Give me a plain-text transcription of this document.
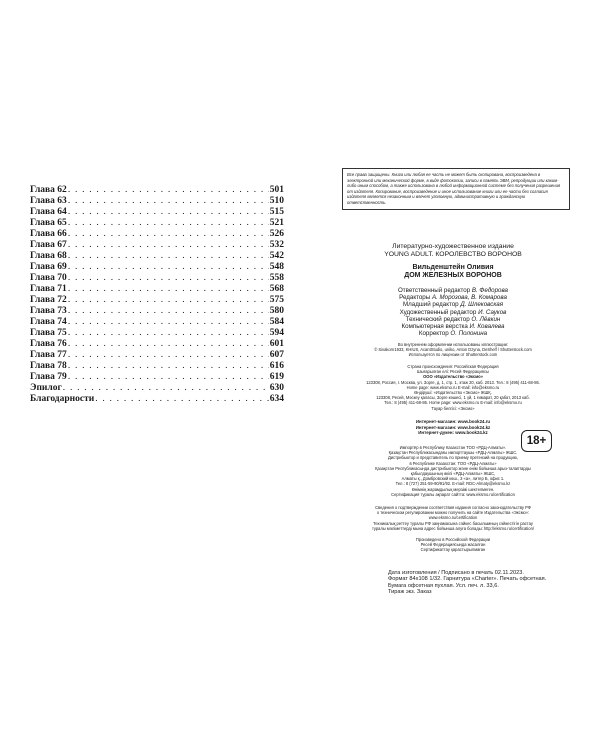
Глава 62 . . .	501
Глава 63 . . .	510
Глава 64 . . .	515
Глава 65 . . .	521
Глава 66 . . .	526
Глава 67 . . .	532
Глава 68 . . .	542
Глава 69 . . .	548
Глава 70 . . .	558
Глава 71 . . .	568
Глава 72 . . .	575
Глава 73 . . .	580
Глава 74 . . .	584
Глава 75 . . .	594
Глава 76 . . .	601
Глава 77 . . .	607
Глава 78 . . .	616
Глава 79 . . .	619
Эпилог . . .	630
Благодарности . . .	634
Все права защищены. Книга или любая ее часть не может быть скопирована, воспроизведена в электронной или механической форме, в виде фотокопии, записи в память ЭВМ, репродукции или каким-либо иным способом, а также использована в любой информационной системе без получения разрешения от издателя. Копирование, воспроизведение и иное использование книги или ее части без согласия издателя является незаконным и влечет уголовную, административную и гражданскую ответственность.
Литературно-художественное издание
YOUNG ADULT. КОРОЛЕВСТВО ВОРОНОВ
Вильденштейн Оливия
ДОМ ЖЕЛЕЗНЫХ ВОРОНОВ
Ответственный редактор В. Федорова
Редакторы А. Морозова, В. Комарова
Младший редактор Д. Шлековская
Художественный редактор И. Сауков
Технический редактор О. Лёвкин
Компьютерная верстка И. Ковалева
Корректор О. Полонина
Во внутреннем оформлении использованы иллюстрации:
© Sivakorn1933, KHIUS, AcantStudio, uniko, Anton Dzyna, DeShelf / Shutterstock.com
Используется по лицензии от Shutterstock.com
Страна происхождения: Российская Федерация
Шығарылған елі: Ресей Федерациясы
ООО «Издательство «Эксмо»
123308, Россия, г. Москва, ул. Зорге, д. 1, стр. 1, этаж 20, каб. 2013. Тел.: 8 (495) 411-68-86.
Home page: www.eksmo.ru E-mail: info@eksmo.ru
Өндіруші: «Издательство «Эксмо» ЖШҚ.
123308, Ресей, Мәскеу қаласы, Зорге көшесі, 1 үй, 1 ғимарат, 20 қабат, 2013 каб.
Тел.: 8 (495) 411-68-86. Home page: www.eksmo.ru E-mail: info@eksmo.ru
Тауар белгісі: «Эксмо»
Интернет-магазин: www.book24.ru
Интернет-магазин: www.book24.kz
Интернет-дүкен: www.book24.kz
18+
Импортёр в Республику Казахстан ТОО «РДЦ-Алматы».
Қазақстан Республикасындағы импорттаушы «РДЦ-Алматы» ЖШС.
Дистрибьютор и представитель по приему претензий на продукцию,
в Республике Казахстан: ТОО «РДЦ-Алматы»
Қазақстан Республикасында дистрибьютор және өнім бойынша арыз-талаптарды
қабылдаушының өкілі «РДЦ-Алматы» ЖШС,
Алматы қ., Домбровский көш., 3 «а», литер Б, офис 1.
Тел.: 8 (727) 251-59-90/91/92. E-mail: RDC-Almaty@eksmo.kz
Өнімнің жарамдылық мерзімі шектелмеген.
Сертификация туралы ақпарат сайтта: www.eksmo.ru/certification
Сведения о подтверждении соответствия издания согласно законодательству РФ
о техническом регулировании можно получить на сайте Издательства «Эксмо»:
www.eksmo.ru/certification
Техникалық реттеу туралы РФ заңнамасына сәйкес басылымның сәйкестігін растау
туралы мәліметтерді мына адрес бойынша алуға болады: http://eksmo.ru/certification/
Произведено в Российской Федерации
Ресей Федерациясында жасалған
Сертификаттау қарастырылмаған
Дата изготовления / Подписано в печать 02.11.2023.
Формат 84x108 1/32. Гарнитура «Charter». Печать офсетная.
Бумага офсетная пухлая. Усл. печ. л. 33,6.
Тираж экз. Заказ
